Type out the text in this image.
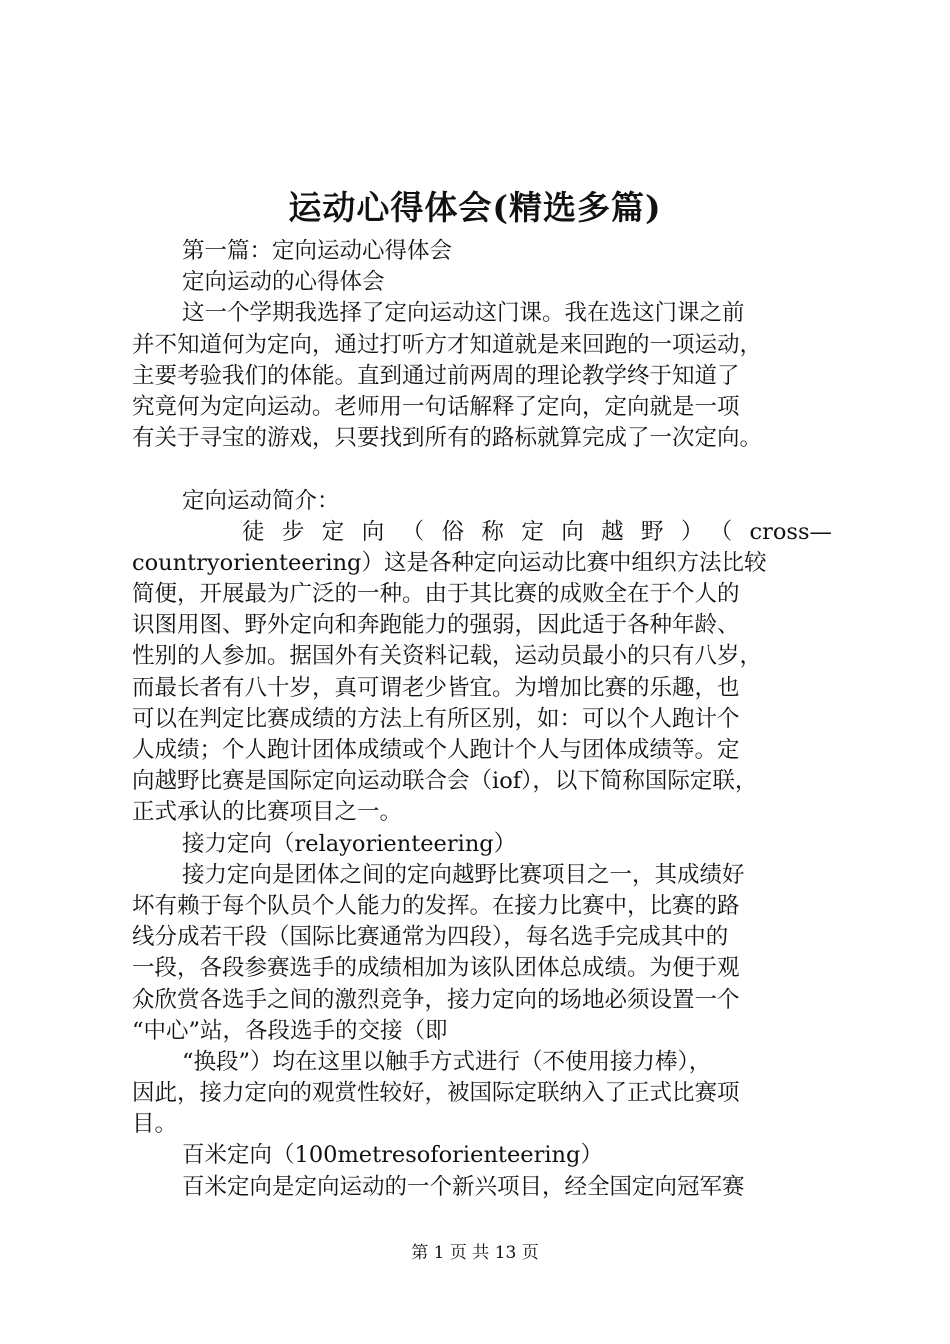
运动心得体会(精选多篇)
第一篇：定向运动心得体会
定向运动的心得体会
这一个学期我选择了定向运动这门课。我在选这门课之前
并不知道何为定向，通过打听方才知道就是来回跑的一项运动，
主要考验我们的体能。直到通过前两周的理论教学终于知道了
究竟何为定向运动。老师用一句话解释了定向，定向就是一项
有关于寻宝的游戏，只要找到所有的路标就算完成了一次定向。
定向运动简介：
徒步定向（俗称定向越野）（cross—
countryorienteering）这是各种定向运动比赛中组织方法比较
简便，开展最为广泛的一种。由于其比赛的成败全在于个人的
识图用图、野外定向和奔跑能力的强弱，因此适于各种年龄、
性别的人参加。据国外有关资料记载，运动员最小的只有八岁，
而最长者有八十岁，真可谓老少皆宜。为增加比赛的乐趣，也
可以在判定比赛成绩的方法上有所区别，如：可以个人跑计个
人成绩；个人跑计团体成绩或个人跑计个人与团体成绩等。定
向越野比赛是国际定向运动联合会（iof），以下简称国际定联，
正式承认的比赛项目之一。
接力定向（relayorienteering）
接力定向是团体之间的定向越野比赛项目之一，其成绩好
坏有赖于每个队员个人能力的发挥。在接力比赛中，比赛的路
线分成若干段（国际比赛通常为四段），每名选手完成其中的
一段，各段参赛选手的成绩相加为该队团体总成绩。为便于观
众欣赏各选手之间的激烈竞争，接力定向的场地必须设置一个
“中心”站，各段选手的交接（即
“换段”）均在这里以触手方式进行（不使用接力棒），
因此，接力定向的观赏性较好，被国际定联纳入了正式比赛项
目。
百米定向（100metresoforienteering）
百米定向是定向运动的一个新兴项目，经全国定向冠军赛
第 1 页 共 13 页
